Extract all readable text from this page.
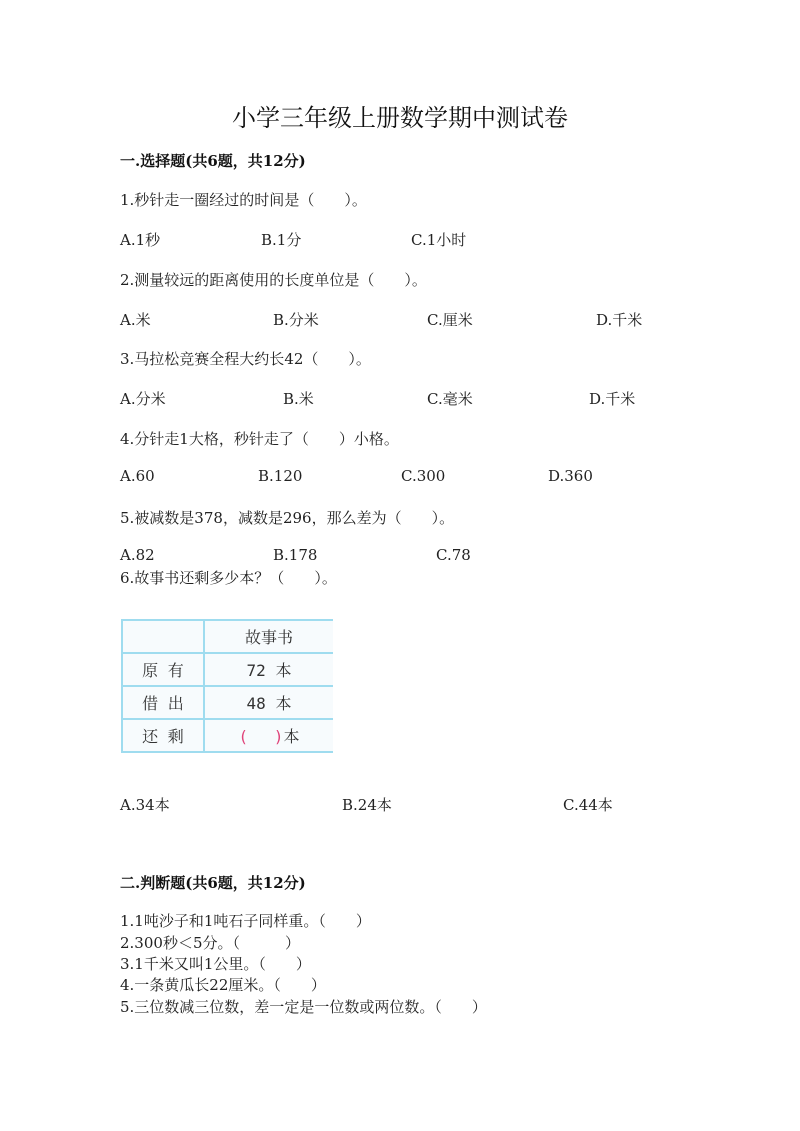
小学三年级上册数学期中测试卷
一.选择题(共6题，共12分)
1.秒针走一圈经过的时间是（　　）。
A.1秒	B.1分	C.1小时
2.测量较远的距离使用的长度单位是（　　）。
A.米	B.分米	C.厘米	D.千米
3.马拉松竞赛全程大约长42（　　）。
A.分米	B.米	C.毫米	D.千米
4.分针走1大格，秒针走了（　　）小格。
A.60	B.120	C.300	D.360
5.被减数是378，减数是296，那么差为（　　）。
A.82	B.178	C.78
6.故事书还剩多少本？（　　）。
	故事书
原 有	72 本
借 出	48 本
还 剩	(　 )本
A.34本	B.24本	C.44本
二.判断题(共6题，共12分)
1.1吨沙子和1吨石子同样重。（　　）
2.300秒＜5分。（　　　）
3.1千米又叫1公里。（　　）
4.一条黄瓜长22厘米。（　　）
5.三位数减三位数，差一定是一位数或两位数。（　　）
